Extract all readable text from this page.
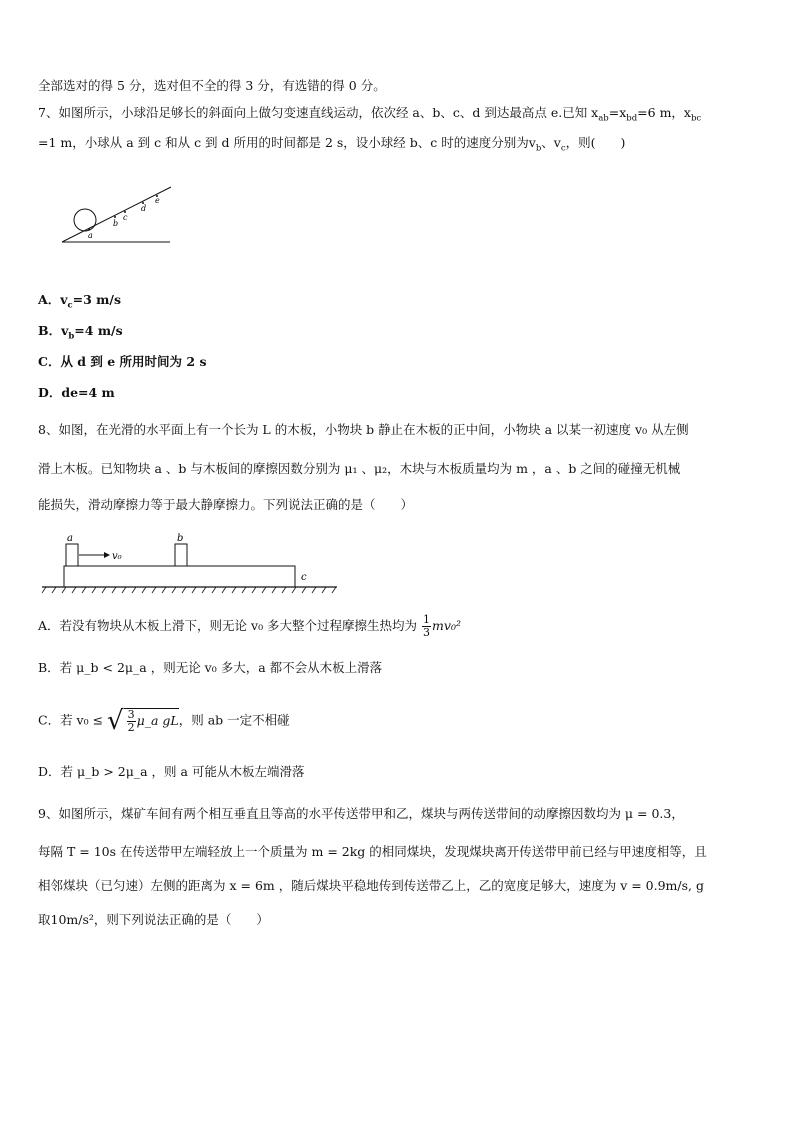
全部选对的得 5 分，选对但不全的得 3 分，有选错的得 0 分。
7、如图所示，小球沿足够长的斜面向上做匀变速直线运动，依次经 a、b、c、d 到达最高点 e.已知 $x_{ab}=x_{bd}=6$ m，$x_{bc}$
=1 m，小球从 a 到 c 和从 c 到 d 所用的时间都是 2 s，设小球经 b、c 时的速度分别为$v_b$、$v_c$，则(　　)
a
b
c
d
e
A．$v_c=3$ m/s
B．$v_b=4$ m/s
C．从 d 到 e 所用时间为 2 s
D．de=4 m
8、如图，在光滑的水平面上有一个长为 L 的木板，小物块 b 静止在木板的正中间，小物块 a 以某一初速度 v₀ 从左侧
滑上木板。已知物块 a 、b 与木板间的摩擦因数分别为 μ₁ 、μ₂，木块与木板质量均为 m ，a 、b 之间的碰撞无机械
能损失，滑动摩擦力等于最大静摩擦力。下列说法正确的是（　　）
a	b
c
v₀
A．若没有物块从木板上滑下，则无论 v₀ 多大整个过程摩擦生热均为 $\frac{1}{3} mv_0^2$
B．若 μ_b < 2μ_a ，则无论 v₀ 多大，a 都不会从木板上滑落
C．若 v₀ ≤ √ $\frac{3}{2}$ μ_a gL，则 ab 一定不相碰
D．若 μ_b > 2μ_a ，则 a 可能从木板左端滑落
9、如图所示，煤矿车间有两个相互垂直且等高的水平传送带甲和乙，煤块与两传送带间的动摩擦因数均为 μ = 0.3，
每隔 T = 10s 在传送带甲左端轻放上一个质量为 m = 2kg 的相同煤块，发现煤块离开传送带甲前已经与甲速度相等，且
相邻煤块（已匀速）左侧的距离为 x = 6m ，随后煤块平稳地传到传送带乙上，乙的宽度足够大，速度为 v = 0.9m/s, g
取10m/s²，则下列说法正确的是（　　）
